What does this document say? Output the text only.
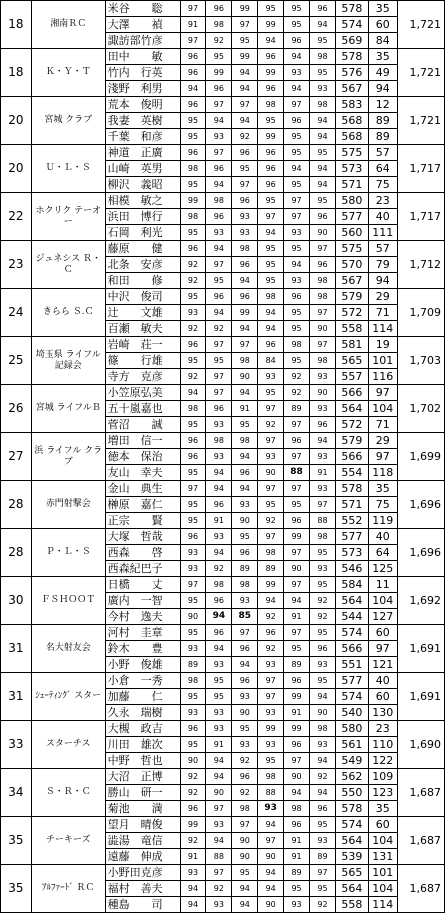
18	湘南ＲＣ	米谷　　聡	97	96	99	95	95	96	578	35	1,721
		大澤　　禎	91	98	97	99	95	94	574	60	
		諏訪部竹彦	97	92	95	94	96	95	569	84	
18	Ｋ・Ｙ・Ｔ	田中　　敏	96	95	99	96	94	98	578	35	1,721
		竹内　行英	96	99	94	99	93	95	576	49	
		淺野　利男	94	96	94	96	94	93	567	94	
20	宮城 クラブ	荒本　俊明	96	97	97	98	97	98	583	12	1,721
		我妻　英樹	95	94	94	95	96	94	568	89	
		千葉　和彦	95	93	92	99	95	94	568	89	
20	Ｕ・Ｌ・Ｓ	神道　正廣	96	97	96	96	95	95	575	57	1,717
		山崎　英男	98	96	95	96	94	94	573	64	
		柳沢　義昭	95	94	97	96	95	94	571	75	
22	ホクリク テーオー	相模　敏之	99	98	96	95	97	95	580	23	1,717
		浜田　博行	98	96	93	97	97	96	577	40	
		石岡　利光	95	93	93	94	93	90	560	111	
23	ジュネシス Ｒ・Ｃ	藤原　　健	96	94	98	95	95	97	575	57	1,712
		北条　安彦	92	97	96	95	94	96	570	79	
		和田　　修	92	95	94	95	93	98	567	94	
24	きらら Ｓ.Ｃ	中沢　俊司	95	96	96	98	96	98	579	29	1,709
		辻　　文雄	93	94	99	94	95	97	572	71	
		百瀬　敏夫	92	92	94	94	95	90	558	114	
25	埼玉県 ライフル 記録会	岩崎　荘一	96	97	97	96	98	97	581	19	1,703
		篠　　行雄	95	95	98	84	95	98	565	101	
		寺方　克彦	92	97	90	93	92	93	557	116	
26	宮城 ライフルＢ	小笠原弘美	94	97	94	95	92	90	566	97	1,702
		五十嵐嘉也	98	96	91	97	89	93	564	104	
		菅沼　　誠	95	93	95	92	97	96	572	71	
27	浜 ライフル クラブ	増田　信一	96	98	98	97	96	94	579	29	1,699
		徳本　保治	96	93	94	93	97	93	566	97	
		友山　幸夫	95	94	96	90	88	91	554	118	
28	赤門射撃会	金山　典生	97	94	94	97	97	93	578	35	1,696
		榊原　嘉仁	95	96	93	95	95	97	571	75	
		正宗　　賢	95	91	90	92	96	88	552	119	
28	Ｐ・Ｌ・Ｓ	大塚　哲哉	96	93	95	97	99	98	577	40	1,696
		西森　　啓	93	94	96	98	97	95	573	64	
		西森紀巴子	93	92	89	89	90	93	546	125	
30	ＦＳＨＯＯＴ	日橋　　丈	97	98	98	99	97	95	584	11	1,692
		廣内　一智	95	96	93	94	94	92	564	104	
		今村　逸夫	90	94	85	92	91	92	544	127	
31	名大射友会	河村　圭章	95	96	97	96	97	95	574	60	1,691
		鈴木　　豊	93	94	96	92	95	96	566	97	
		小野　俊雄	89	93	94	93	89	93	551	121	
31	ｼｭｰﾃｨﾝｸﾞ スター	小倉　一秀	98	95	96	97	96	95	577	40	1,691
		加藤　　仁	95	95	93	97	99	94	574	60	
		久永　瑞樹	93	93	90	93	91	90	540	130	
33	スターチス	大槻　政吉	96	93	95	99	99	98	580	23	1,690
		川田　雄次	95	91	93	93	96	93	561	110	
		中野　哲也	90	94	92	95	97	94	549	122	
34	Ｓ・Ｒ・Ｃ	大沼　正博	92	94	96	98	90	92	562	109	1,687
		勝山　研一	92	90	92	88	94	94	550	123	
		菊池　　満	96	97	98	93	98	96	578	35	
35	チーキーズ	望月　晴俊	99	93	97	94	96	95	574	60	1,687
		澁湯　竜信	92	94	90	97	91	93	564	104	
		遠藤　伸成	91	88	90	90	91	89	539	131	
35	ｱﾙﾌｧｰﾄﾞ ＲＣ	小野田克彦	93	97	95	94	89	97	565	101	1,687
		福村　善夫	94	92	94	94	95	95	564	104	
		種島　　司	94	93	94	90	93	92	558	114	
